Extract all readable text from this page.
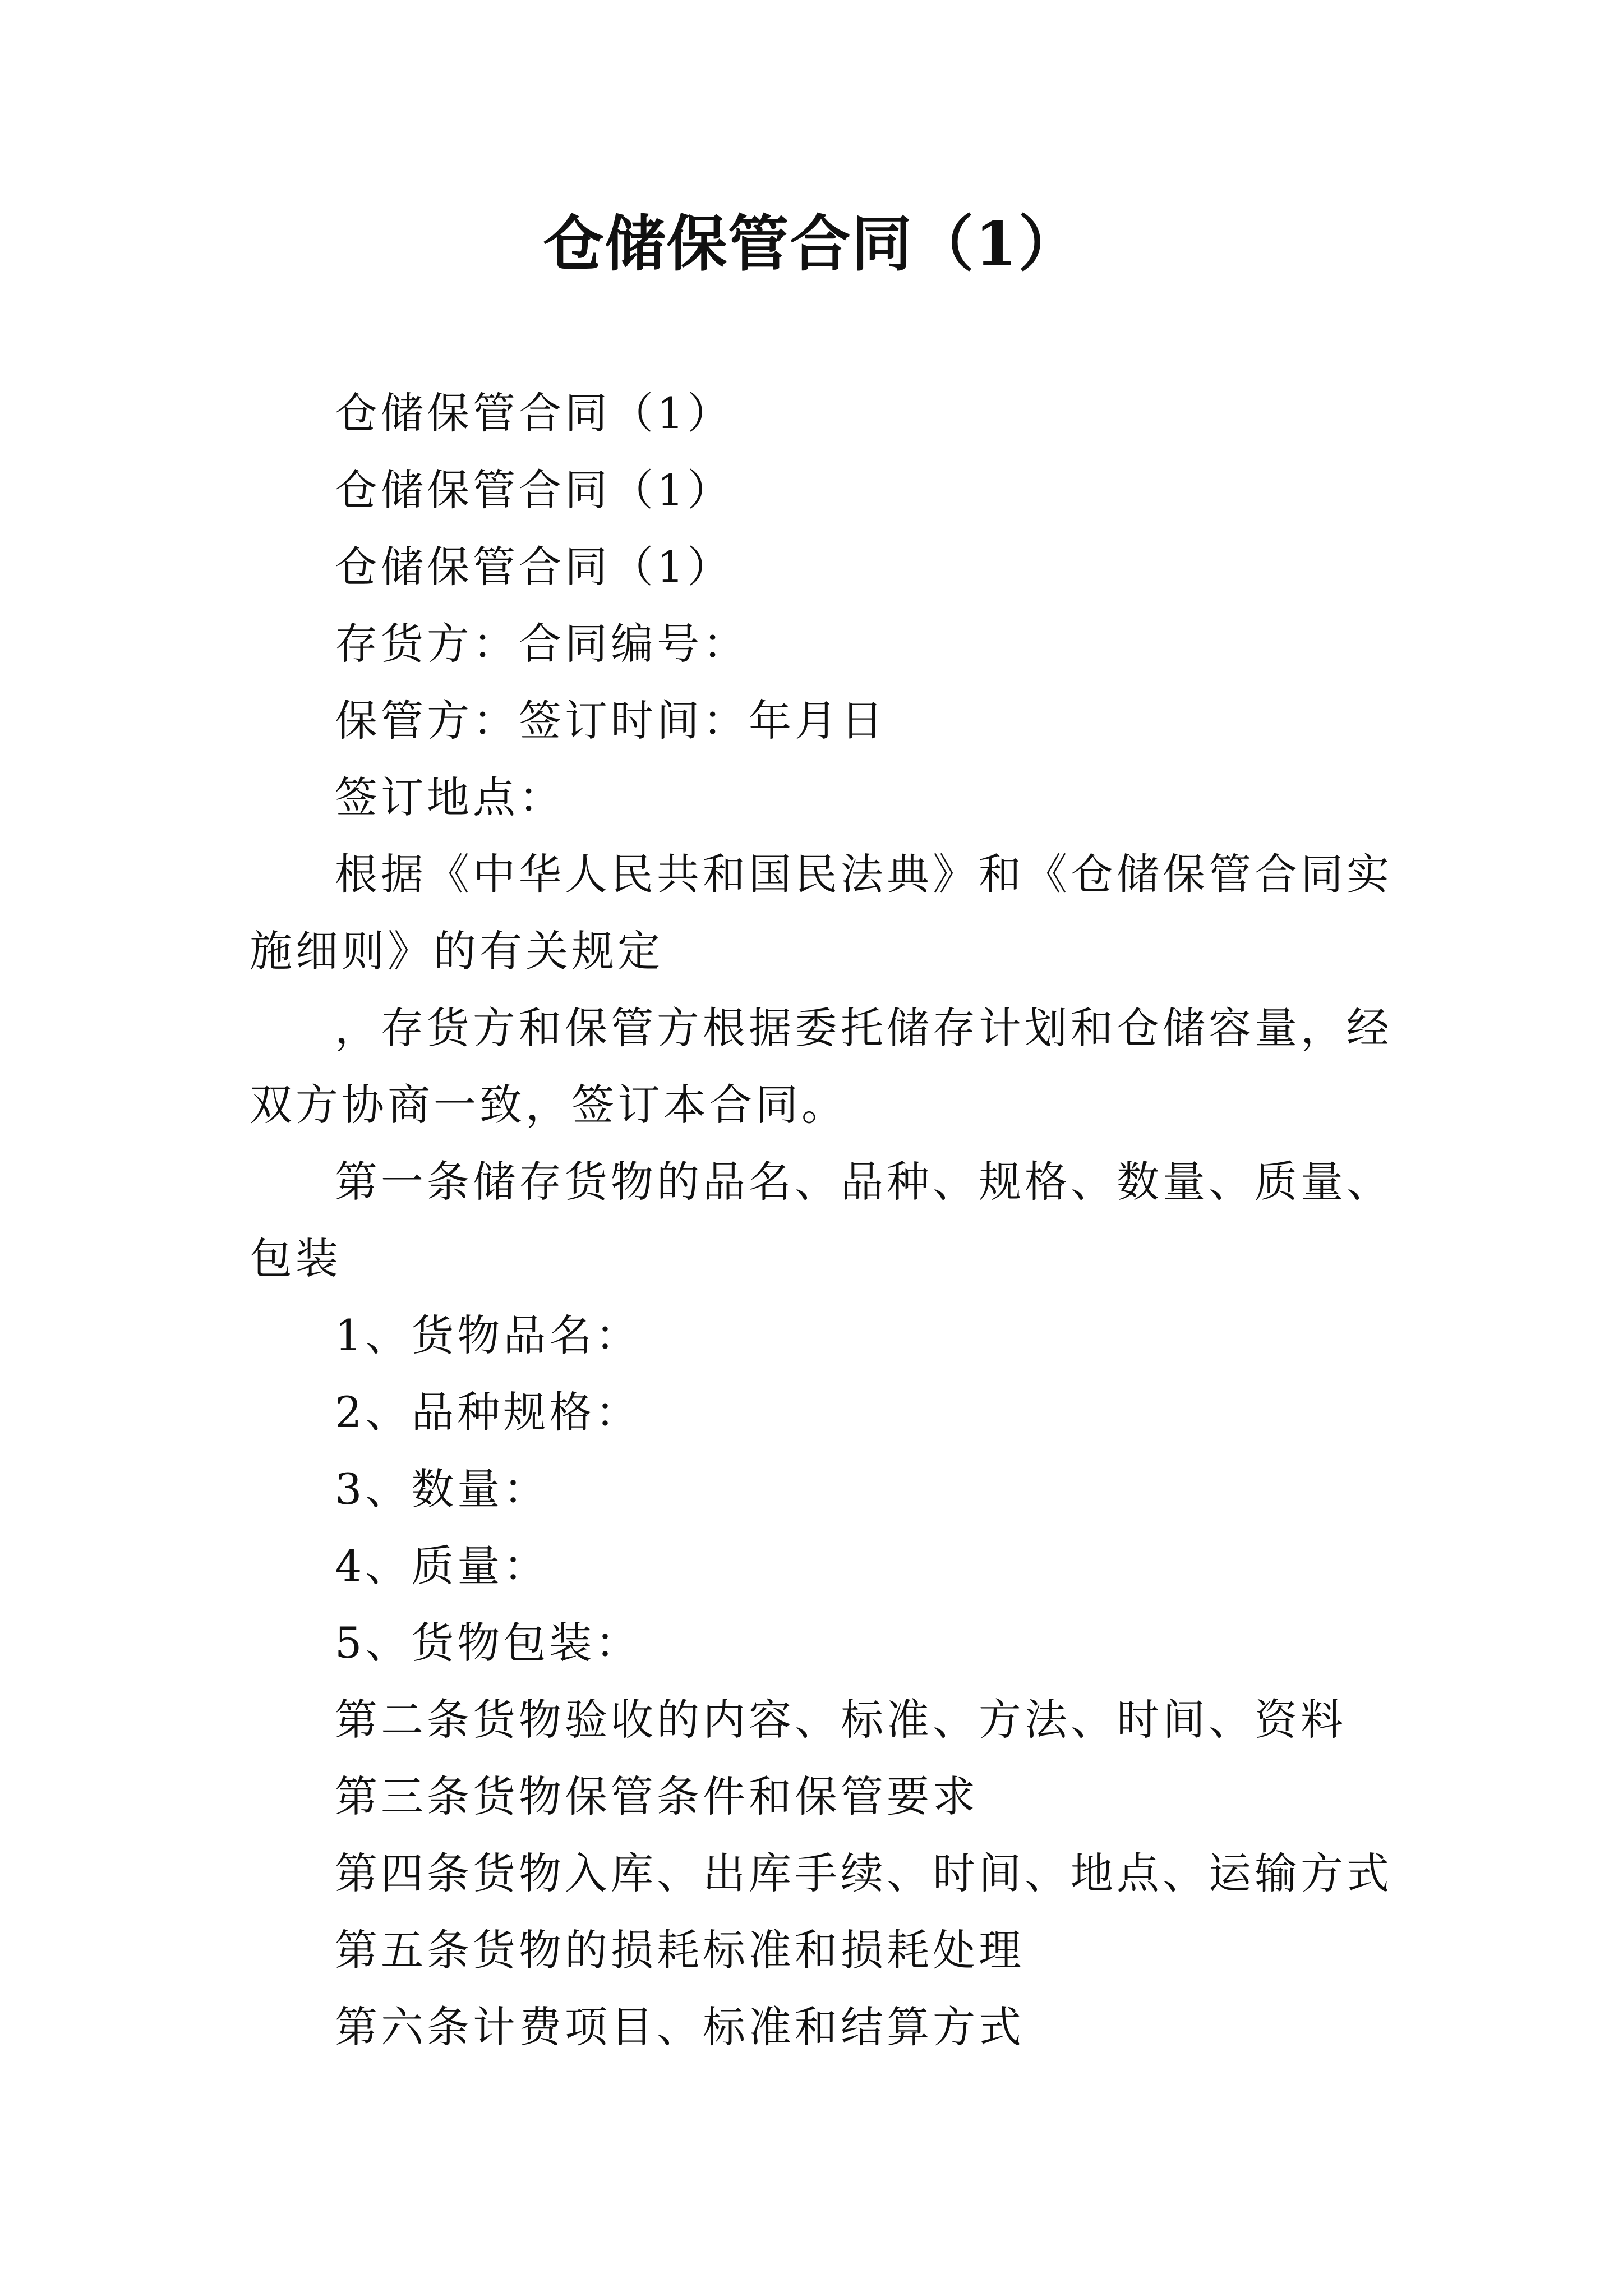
仓储保管合同（1）

仓储保管合同（1）

仓储保管合同（1）

仓储保管合同（1）

存货方：合同编号：

保管方：签订时间：年月日

签订地点：

根据《中华人民共和国民法典》和《仓储保管合同实施细则》的有关规定

，存货方和保管方根据委托储存计划和仓储容量，经双方协商一致，签订本合同。

第一条储存货物的品名、品种、规格、数量、质量、包装

1、货物品名：

2、品种规格：

3、数量：

4、质量：

5、货物包装：

第二条货物验收的内容、标准、方法、时间、资料

第三条货物保管条件和保管要求

第四条货物入库、出库手续、时间、地点、运输方式

第五条货物的损耗标准和损耗处理

第六条计费项目、标准和结算方式
